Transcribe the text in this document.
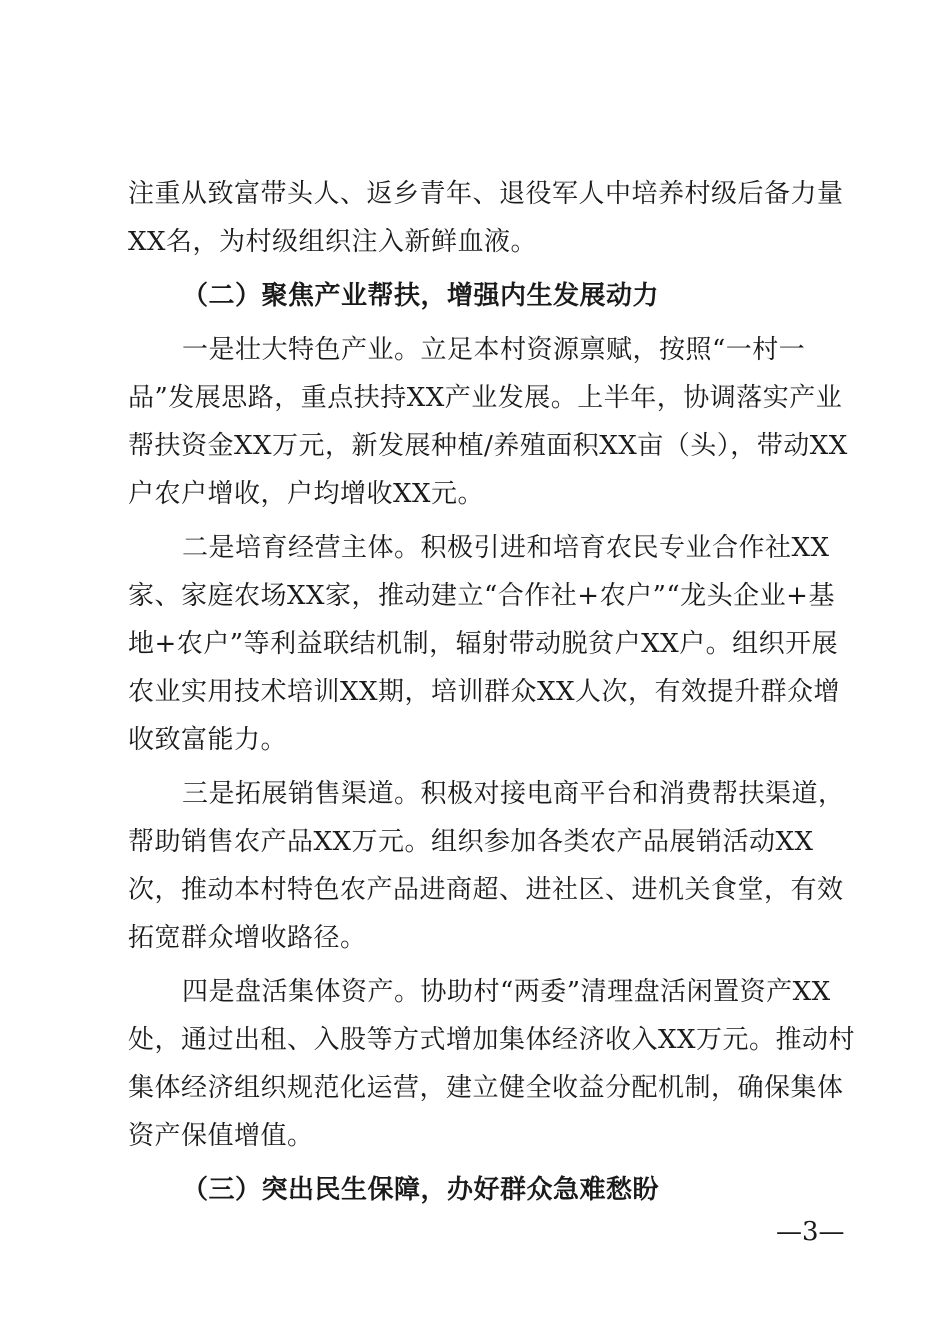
注重从致富带头人、返乡青年、退役军人中培养村级后备力量
XX名，为村级组织注入新鲜血液。
（二）聚焦产业帮扶，增强内生发展动力
一是壮大特色产业。立足本村资源禀赋，按照“一村一
品”发展思路，重点扶持XX产业发展。上半年，协调落实产业
帮扶资金XX万元，新发展种植/养殖面积XX亩（头），带动XX
户农户增收，户均增收XX元。
二是培育经营主体。积极引进和培育农民专业合作社XX
家、家庭农场XX家，推动建立“合作社+农户”“龙头企业+基
地+农户”等利益联结机制，辐射带动脱贫户XX户。组织开展
农业实用技术培训XX期，培训群众XX人次，有效提升群众增
收致富能力。
三是拓展销售渠道。积极对接电商平台和消费帮扶渠道，
帮助销售农产品XX万元。组织参加各类农产品展销活动XX
次，推动本村特色农产品进商超、进社区、进机关食堂，有效
拓宽群众增收路径。
四是盘活集体资产。协助村“两委”清理盘活闲置资产XX
处，通过出租、入股等方式增加集体经济收入XX万元。推动村
集体经济组织规范化运营，建立健全收益分配机制，确保集体
资产保值增值。
（三）突出民生保障，办好群众急难愁盼
—3—
